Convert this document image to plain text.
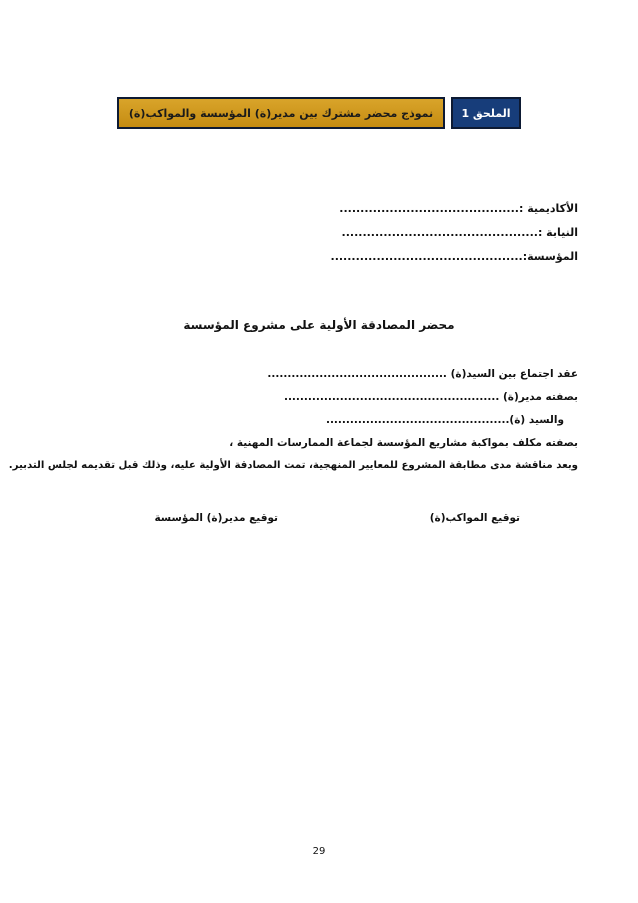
نموذج محضر مشترك بين مدير(ة) المؤسسة والمواكب(ة)	الملحق 1
الأكاديمية :...........................................
النيابة :...............................................
المؤسسة:..............................................
محضر المصادقة الأولية على مشروع المؤسسة
عقد اجتماع بين السيد(ة) .............................................
بصفته مدير(ة) ......................................................
والسيد (ة)..............................................
بصفته مكلف بمواكبة مشاريع المؤسسة لجماعة الممارسات المهنية ،
وبعد مناقشة مدى مطابقة المشروع للمعايير المنهجية، تمت المصادقة الأولية عليه، وذلك قبل تقديمه لجلس التدبير.
توقيع المواكب(ة)
توقيع مدير(ة) المؤسسة
29
